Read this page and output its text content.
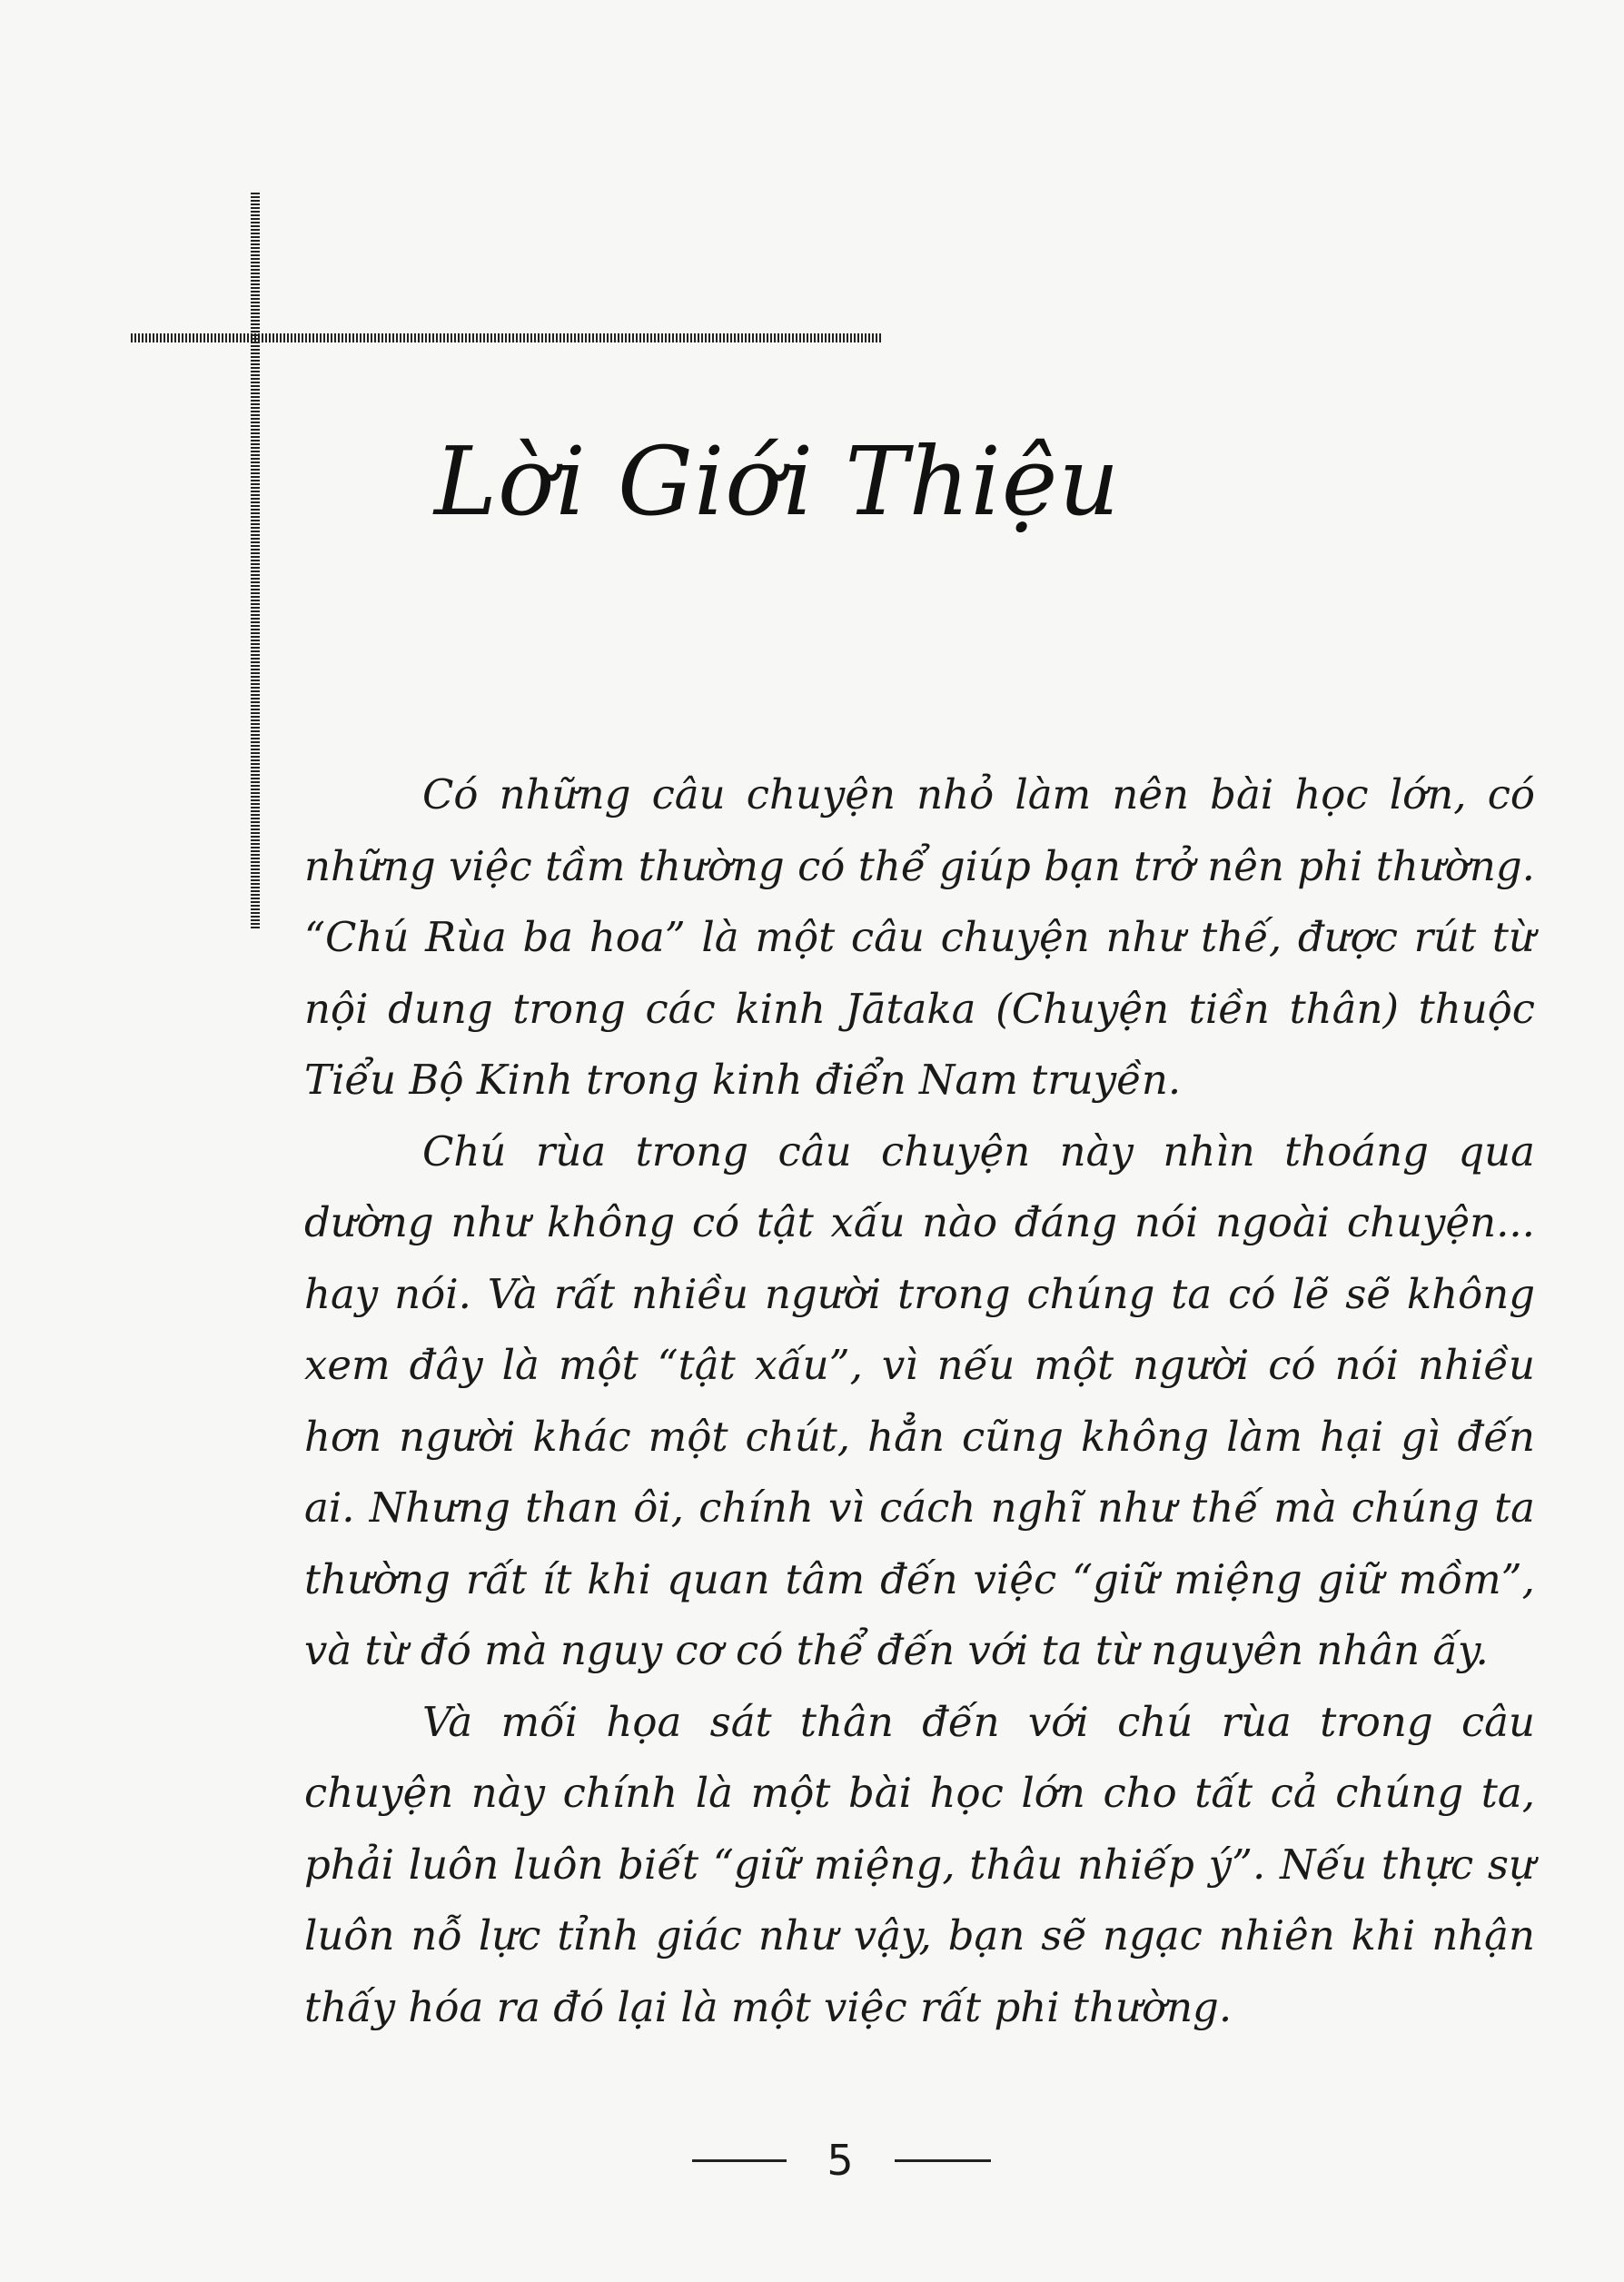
Lời Giới Thiệu

Có những câu chuyện nhỏ làm nên bài học lớn, có những việc tầm thường có thể giúp bạn trở nên phi thường. “Chú Rùa ba hoa” là một câu chuyện như thế, được rút từ nội dung trong các kinh Jātaka (Chuyện tiền thân) thuộc Tiểu Bộ Kinh trong kinh điển Nam truyền.

Chú rùa trong câu chuyện này nhìn thoáng qua dường như không có tật xấu nào đáng nói ngoài chuyện... hay nói. Và rất nhiều người trong chúng ta có lẽ sẽ không xem đây là một “tật xấu”, vì nếu một người có nói nhiều hơn người khác một chút, hẳn cũng không làm hại gì đến ai. Nhưng than ôi, chính vì cách nghĩ như thế mà chúng ta thường rất ít khi quan tâm đến việc “giữ miệng giữ mồm”, và từ đó mà nguy cơ có thể đến với ta từ nguyên nhân ấy.

Và mối họa sát thân đến với chú rùa trong câu chuyện này chính là một bài học lớn cho tất cả chúng ta, phải luôn luôn biết “giữ miệng, thâu nhiếp ý”. Nếu thực sự luôn nỗ lực tỉnh giác như vậy, bạn sẽ ngạc nhiên khi nhận thấy hóa ra đó lại là một việc rất phi thường.

5
